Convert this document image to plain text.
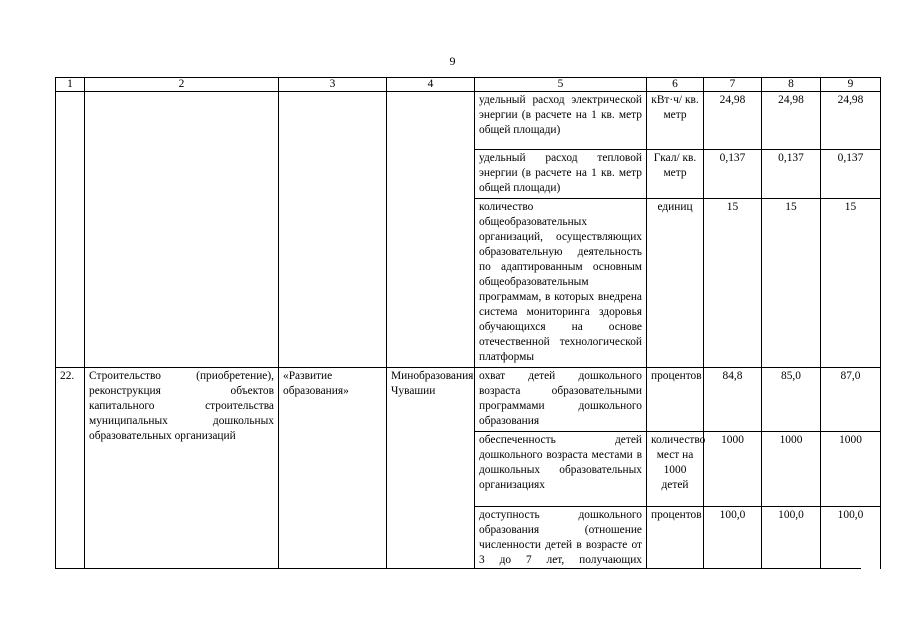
9
1	2	3	4	5	6	7	8	9
				удельный расход электрической энергии (в расчете на 1 кв. метр общей площади)	кВт·ч/ кв. метр	24,98	24,98	24,98
				удельный расход тепловой энергии (в расчете на 1 кв. метр общей площади)	Гкал/ кв. метр	0,137	0,137	0,137
				количество общеобразовательных организаций, осуществляющих образовательную деятельность по адаптированным основным общеобразовательным программам, в которых внедрена система мониторинга здоровья обучающихся на основе отечественной технологической платформы	единиц	15	15	15
22.	Строительство (приобретение), реконструкция объектов капитального строительства муниципальных дошкольных образовательных организаций	«Развитие образования»	Минобразования Чувашии	охват детей дошкольного возраста образовательными программами дошкольного образования	процентов	84,8	85,0	87,0
				обеспеченность детей дошкольного возраста местами в дошкольных образовательных организациях	количество мест на 1000 детей	1000	1000	1000
				доступность дошкольного образования (отношение численности детей в возрасте от 3 до 7 лет, получающих	процентов	100,0	100,0	100,0
